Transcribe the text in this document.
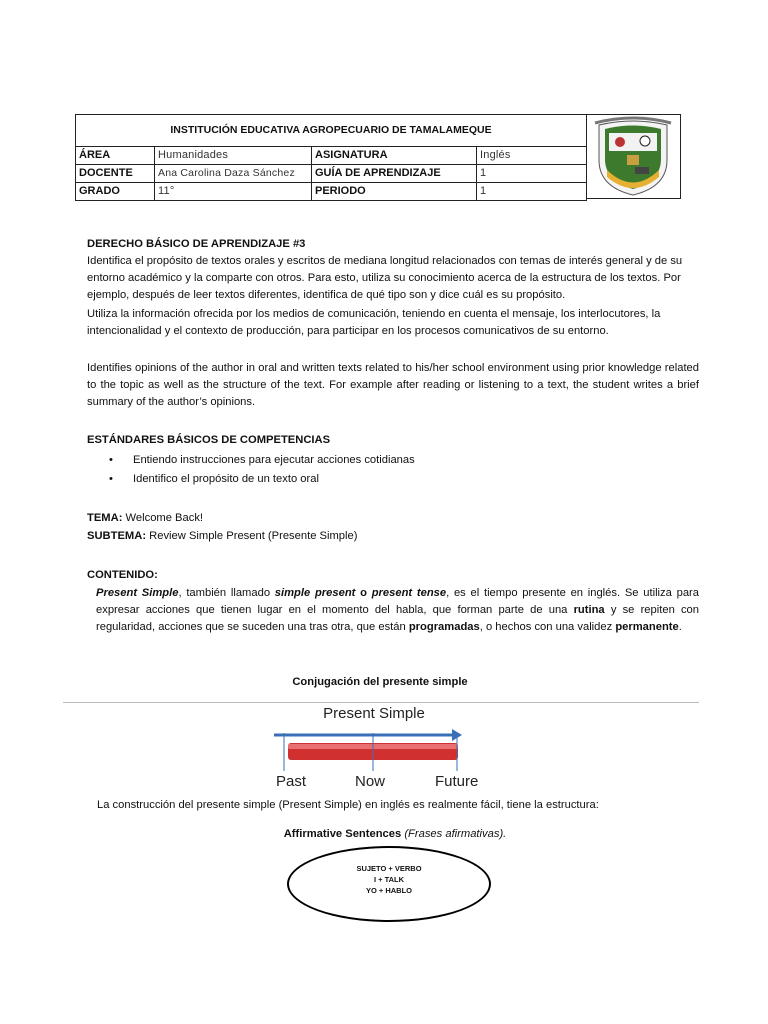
INSTITUCIÓN EDUCATIVA AGROPECUARIO DE TAMALAMEQUE			
ÁREA	Humanidades	ASIGNATURA	Inglés
DOCENTE	Ana Carolina Daza Sánchez	GUÍA DE APRENDIZAJE	1
GRADO	11°	PERIODO	1
DERECHO BÁSICO DE APRENDIZAJE #3
Identifica el propósito de textos orales y escritos de mediana longitud relacionados con temas de interés general y de su entorno académico y la comparte con otros. Para esto, utiliza su conocimiento acerca de la estructura de los textos. Por ejemplo, después de leer textos diferentes, identifica de qué tipo son y dice cuál es su propósito.
Utiliza la información ofrecida por los medios de comunicación, teniendo en cuenta el mensaje, los interlocutores, la intencionalidad y el contexto de producción, para participar en los procesos comunicativos de su entorno.
Identifies opinions of the author in oral and written texts related to his/her school environment using prior knowledge related to the topic as well as the structure of the text. For example after reading or listening to a text, the student writes a brief summary of the author’s opinions.
ESTÁNDARES BÁSICOS DE COMPETENCIAS
• Entiendo instrucciones para ejecutar acciones cotidianas
• Identifico el propósito de un texto oral
TEMA: Welcome Back!
SUBTEMA: Review Simple Present (Presente Simple)
CONTENIDO:
Present Simple, también llamado simple present o present tense, es el tiempo presente en inglés. Se utiliza para expresar acciones que tienen lugar en el momento del habla, que forman parte de una rutina y se repiten con regularidad, acciones que se suceden una tras otra, que están programadas, o hechos con una validez permanente.
Conjugación del presente simple
Present Simple
Past	Now	Future
La construcción del presente simple (Present Simple) en inglés es realmente fácil, tiene la estructura:
Affirmative Sentences (Frases afirmativas).
SUJETO + VERBO
I + TALK
YO + HABLO
